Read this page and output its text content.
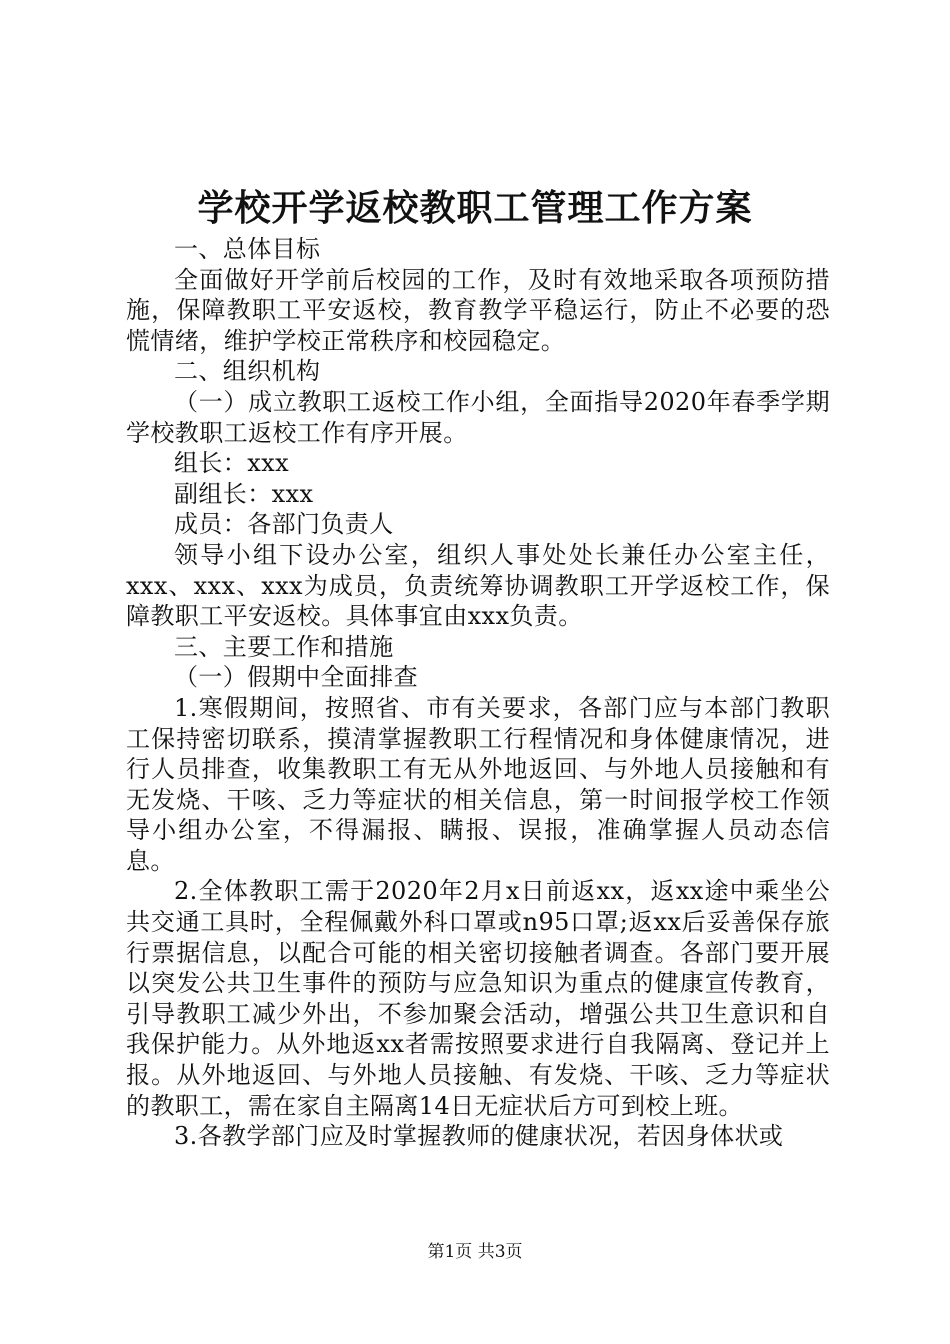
学校开学返校教职工管理工作方案

一、总体目标

全面做好开学前后校园的工作，及时有效地采取各项预防措施，保障教职工平安返校，教育教学平稳运行，防止不必要的恐慌情绪，维护学校正常秩序和校园稳定。

二、组织机构

（一）成立教职工返校工作小组，全面指导2020年春季学期学校教职工返校工作有序开展。

组长：xxx

副组长：xxx

成员：各部门负责人

领导小组下设办公室，组织人事处处长兼任办公室主任，xxx、xxx、xxx为成员，负责统筹协调教职工开学返校工作，保障教职工平安返校。具体事宜由xxx负责。

三、主要工作和措施

（一）假期中全面排查

1.寒假期间，按照省、市有关要求，各部门应与本部门教职工保持密切联系，摸清掌握教职工行程情况和身体健康情况，进行人员排查，收集教职工有无从外地返回、与外地人员接触和有无发烧、干咳、乏力等症状的相关信息，第一时间报学校工作领导小组办公室，不得漏报、瞒报、误报，准确掌握人员动态信息。

2.全体教职工需于2020年2月x日前返xx，返xx途中乘坐公共交通工具时，全程佩戴外科口罩或n95口罩;返xx后妥善保存旅行票据信息，以配合可能的相关密切接触者调查。各部门要开展以突发公共卫生事件的预防与应急知识为重点的健康宣传教育，引导教职工减少外出，不参加聚会活动，增强公共卫生意识和自我保护能力。从外地返xx者需按照要求进行自我隔离、登记并上报。从外地返回、与外地人员接触、有发烧、干咳、乏力等症状的教职工，需在家自主隔离14日无症状后方可到校上班。

3.各教学部门应及时掌握教师的健康状况，若因身体状或

第1页 共3页
